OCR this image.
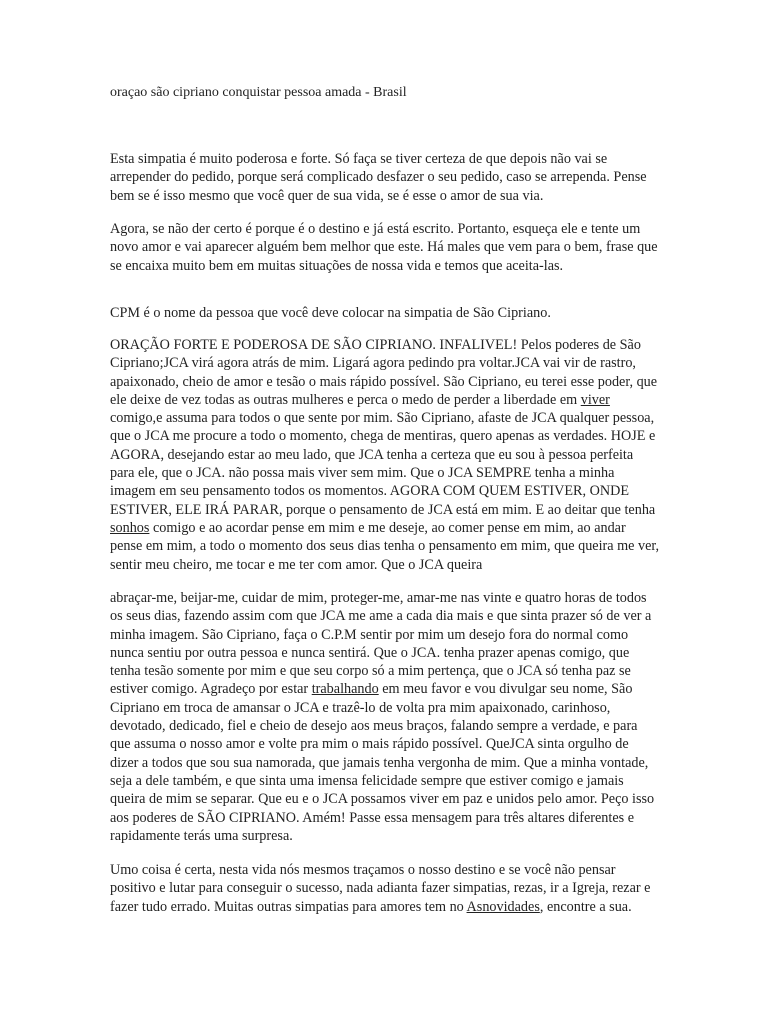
oraçao são cipriano conquistar pessoa amada - Brasil

Esta simpatia é muito poderosa e forte. Só faça se tiver certeza de que depois não vai se arrepender do pedido, porque será complicado desfazer o seu pedido, caso se arrependa. Pense bem se é isso mesmo que você quer de sua vida, se é esse o amor de sua via.

Agora, se não der certo é porque é o destino e já está escrito. Portanto, esqueça ele e tente um novo amor e vai aparecer alguém bem melhor que este. Há males que vem para o bem, frase que se encaixa muito bem em muitas situações de nossa vida e temos que aceita-las.

CPM é o nome da pessoa que você deve colocar na simpatia de São Cipriano.

ORAÇÃO FORTE E PODEROSA DE SÃO CIPRIANO. INFALIVEL! Pelos poderes de São Cipriano;JCA virá agora atrás de mim. Ligará agora pedindo pra voltar.JCA vai vir de rastro, apaixonado, cheio de amor e tesão o mais rápido possível. São Cipriano, eu terei esse poder, que ele deixe de vez todas as outras mulheres e perca o medo de perder a liberdade em viver comigo,e assuma para todos o que sente por mim. São Cipriano, afaste de JCA qualquer pessoa, que o JCA me procure a todo o momento, chega de mentiras, quero apenas as verdades. HOJE e AGORA, desejando estar ao meu lado, que JCA tenha a certeza que eu sou à pessoa perfeita para ele, que o JCA. não possa mais viver sem mim. Que o JCA SEMPRE tenha a minha imagem em seu pensamento todos os momentos. AGORA COM QUEM ESTIVER, ONDE ESTIVER, ELE IRÁ PARAR, porque o pensamento de JCA está em mim. E ao deitar que tenha sonhos comigo e ao acordar pense em mim e me deseje, ao comer pense em mim, ao andar pense em mim, a todo o momento dos seus dias tenha o pensamento em mim, que queira me ver, sentir meu cheiro, me tocar e me ter com amor. Que o JCA queira

abraçar-me, beijar-me, cuidar de mim, proteger-me, amar-me nas vinte e quatro horas de todos os seus dias, fazendo assim com que JCA me ame a cada dia mais e que sinta prazer só de ver a minha imagem. São Cipriano, faça o C.P.M sentir por mim um desejo fora do normal como nunca sentiu por outra pessoa e nunca sentirá. Que o JCA. tenha prazer apenas comigo, que tenha tesão somente por mim e que seu corpo só a mim pertença, que o JCA só tenha paz se estiver comigo. Agradeço por estar trabalhando em meu favor e vou divulgar seu nome, São Cipriano em troca de amansar o JCA e trazê-lo de volta pra mim apaixonado, carinhoso, devotado, dedicado, fiel e cheio de desejo aos meus braços, falando sempre a verdade, e para que assuma o nosso amor e volte pra mim o mais rápido possível. QueJCA sinta orgulho de dizer a todos que sou sua namorada, que jamais tenha vergonha de mim. Que a minha vontade, seja a dele também, e que sinta uma imensa felicidade sempre que estiver comigo e jamais queira de mim se separar. Que eu e o JCA possamos viver em paz e unidos pelo amor. Peço isso aos poderes de SÃO CIPRIANO. Amém! Passe essa mensagem para três altares diferentes e rapidamente terás uma surpresa.

Umo coisa é certa, nesta vida nós mesmos traçamos o nosso destino e se você não pensar positivo e lutar para conseguir o sucesso, nada adianta fazer simpatias, rezas, ir a Igreja, rezar e fazer tudo errado. Muitas outras simpatias para amores tem no Asnovidades, encontre a sua.
